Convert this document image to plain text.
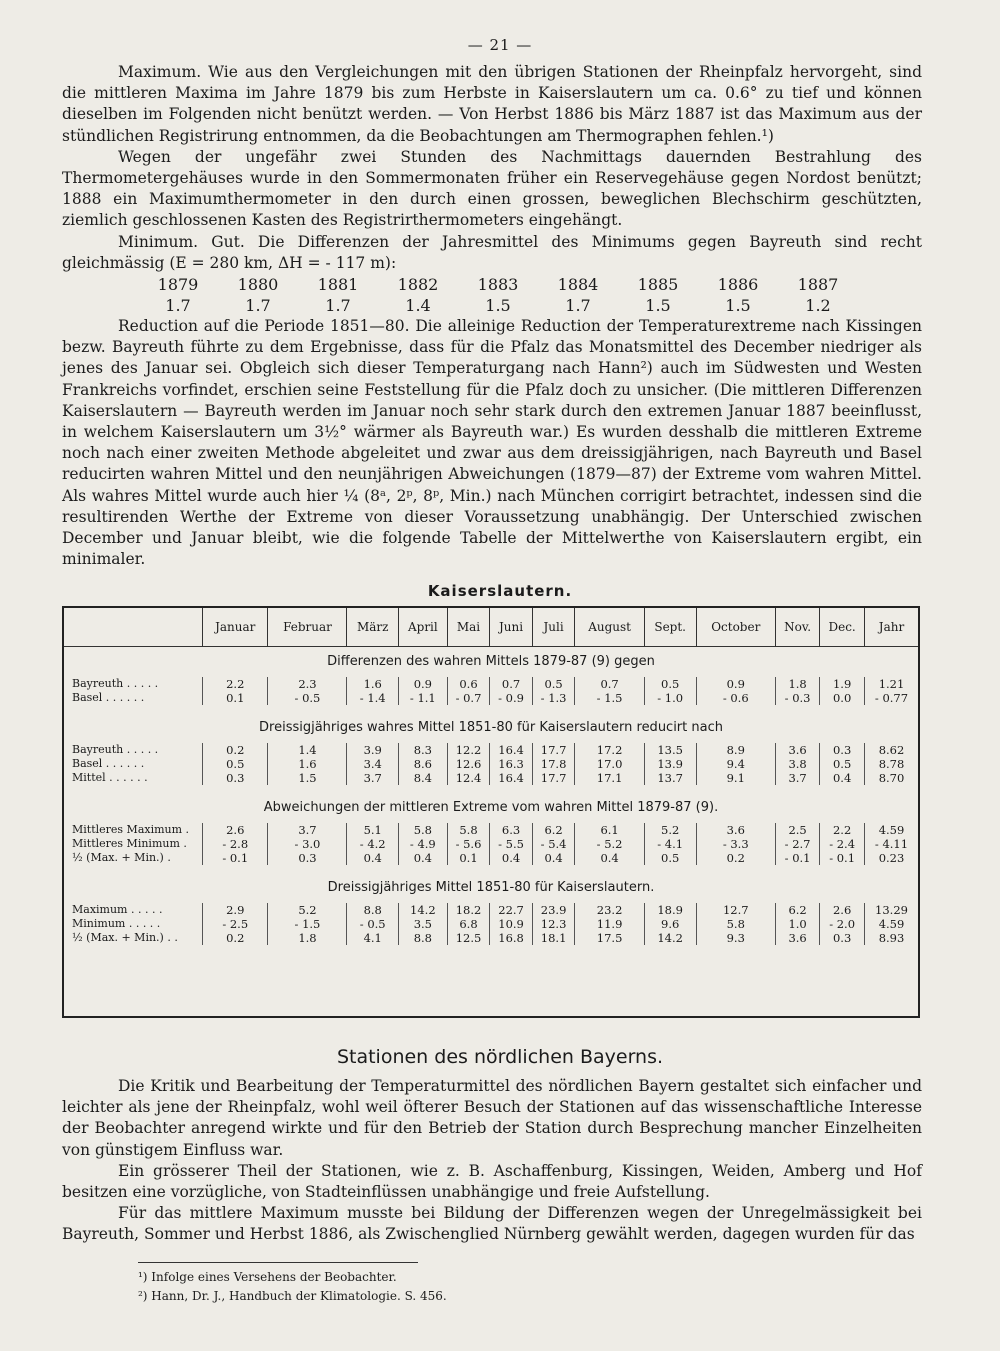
— 21 —

Maximum. Wie aus den Vergleichungen mit den übrigen Stationen der Rheinpfalz hervorgeht, sind die mittleren Maxima im Jahre 1879 bis zum Herbste in Kaiserslautern um ca. 0.6° zu tief und können dieselben im Folgenden nicht benützt werden. — Von Herbst 1886 bis März 1887 ist das Maximum aus der stündlichen Registrirung entnommen, da die Beobachtungen am Thermographen fehlen.¹)

Wegen der ungefähr zwei Stunden des Nachmittags dauernden Bestrahlung des Thermometergehäuses wurde in den Sommermonaten früher ein Reservegehäuse gegen Nordost benützt; 1888 ein Maximumthermometer in den durch einen grossen, beweglichen Blechschirm geschützten, ziemlich geschlossenen Kasten des Registrirthermometers eingehängt.

Minimum. Gut. Die Differenzen der Jahresmittel des Minimums gegen Bayreuth sind recht gleichmässig (E = 280 km, ΔH = - 117 m):

1879	1880	1881	1882	1883	1884	1885	1886	1887
1.7	1.7	1.7	1.4	1.5	1.7	1.5	1.5	1.2

Reduction auf die Periode 1851—80. Die alleinige Reduction der Temperaturextreme nach Kissingen bezw. Bayreuth führte zu dem Ergebnisse, dass für die Pfalz das Monatsmittel des December niedriger als jenes des Januar sei. Obgleich sich dieser Temperaturgang nach Hann²) auch im Südwesten und Westen Frankreichs vorfindet, erschien seine Feststellung für die Pfalz doch zu unsicher. (Die mittleren Differenzen Kaiserslautern — Bayreuth werden im Januar noch sehr stark durch den extremen Januar 1887 beeinflusst, in welchem Kaiserslautern um 3½° wärmer als Bayreuth war.) Es wurden desshalb die mittleren Extreme noch nach einer zweiten Methode abgeleitet und zwar aus dem dreissigjährigen, nach Bayreuth und Basel reducirten wahren Mittel und den neunjährigen Abweichungen (1879—87) der Extreme vom wahren Mittel. Als wahres Mittel wurde auch hier ¼ (8ᵃ, 2ᵖ, 8ᵖ, Min.) nach München corrigirt betrachtet, indessen sind die resultirenden Werthe der Extreme von dieser Voraussetzung unabhängig. Der Unterschied zwischen December und Januar bleibt, wie die folgende Tabelle der Mittelwerthe von Kaiserslautern ergibt, ein minimaler.

Kaiserslautern.
	Januar	Februar	März	April	Mai	Juni	Juli	August	Sept.	October	Nov.	Dec.	Jahr
Differenzen des wahren Mittels 1879-87 (9) gegen													
Bayreuth . . . . .	2.2	2.3	1.6	0.9	0.6	0.7	0.5	0.7	0.5	0.9	1.8	1.9	1.21
Basel . . . . . .	0.1	- 0.5	- 1.4	- 1.1	- 0.7	- 0.9	- 1.3	- 1.5	- 1.0	- 0.6	- 0.3	0.0	- 0.77

Dreissigjähriges wahres Mittel 1851-80 für Kaiserslautern reducirt nach													
Bayreuth . . . . .	0.2	1.4	3.9	8.3	12.2	16.4	17.7	17.2	13.5	8.9	3.6	0.3	8.62
Basel . . . . . .	0.5	1.6	3.4	8.6	12.6	16.3	17.8	17.0	13.9	9.4	3.8	0.5	8.78
Mittel . . . . . .	0.3	1.5	3.7	8.4	12.4	16.4	17.7	17.1	13.7	9.1	3.7	0.4	8.70

Abweichungen der mittleren Extreme vom wahren Mittel 1879-87 (9).													
Mittleres Maximum .	2.6	3.7	5.1	5.8	5.8	6.3	6.2	6.1	5.2	3.6	2.5	2.2	4.59
Mittleres Minimum .	- 2.8	- 3.0	- 4.2	- 4.9	- 5.6	- 5.5	- 5.4	- 5.2	- 4.1	- 3.3	- 2.7	- 2.4	- 4.11
½ (Max. + Min.) .	- 0.1	0.3	0.4	0.4	0.1	0.4	0.4	0.4	0.5	0.2	- 0.1	- 0.1	0.23

Dreissigjähriges Mittel 1851-80 für Kaiserslautern.													
Maximum . . . . .	2.9	5.2	8.8	14.2	18.2	22.7	23.9	23.2	18.9	12.7	6.2	2.6	13.29
Minimum . . . . .	- 2.5	- 1.5	- 0.5	3.5	6.8	10.9	12.3	11.9	9.6	5.8	1.0	- 2.0	4.59
½ (Max. + Min.) . .	0.2	1.8	4.1	8.8	12.5	16.8	18.1	17.5	14.2	9.3	3.6	0.3	8.93

Stationen des nördlichen Bayerns.

Die Kritik und Bearbeitung der Temperaturmittel des nördlichen Bayern gestaltet sich einfacher und leichter als jene der Rheinpfalz, wohl weil öfterer Besuch der Stationen auf das wissenschaftliche Interesse der Beobachter anregend wirkte und für den Betrieb der Station durch Besprechung mancher Einzelheiten von günstigem Einfluss war.

Ein grösserer Theil der Stationen, wie z. B. Aschaffenburg, Kissingen, Weiden, Amberg und Hof besitzen eine vorzügliche, von Stadteinflüssen unabhängige und freie Aufstellung.

Für das mittlere Maximum musste bei Bildung der Differenzen wegen der Unregelmässigkeit bei Bayreuth, Sommer und Herbst 1886, als Zwischenglied Nürnberg gewählt werden, dagegen wurden für das

¹) Infolge eines Versehens der Beobachter.

²) Hann, Dr. J., Handbuch der Klimatologie. S. 456.
